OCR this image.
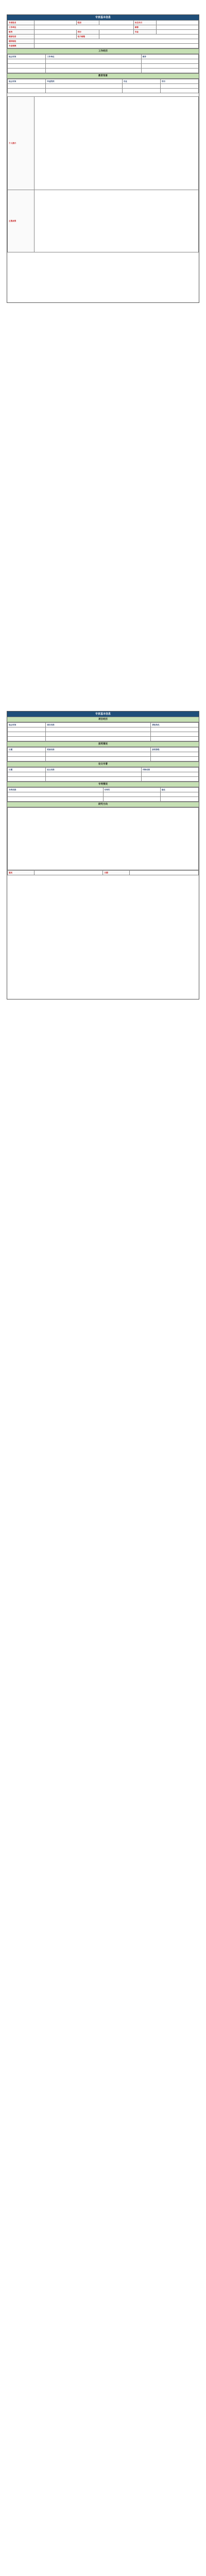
专家基本信息
专家姓名		性别		出生年月	
工作单位				职称	
职务		学历		专业	
联系电话		电子邮箱			
通讯地址					
专业领域					
工作经历
起止时间	工作单位	职务

教育背景
起止时间	毕业院校	专业	学历

个人简介	
主要成果	
专家基本信息
项目经历
起止时间	项目名称	承担角色

获奖情况
日期	奖项名称	获奖等级

论文专著
日期	论文名称	刊物名称

专利情况
专利名称	专利号	备注

研究方向
签名		日期	
